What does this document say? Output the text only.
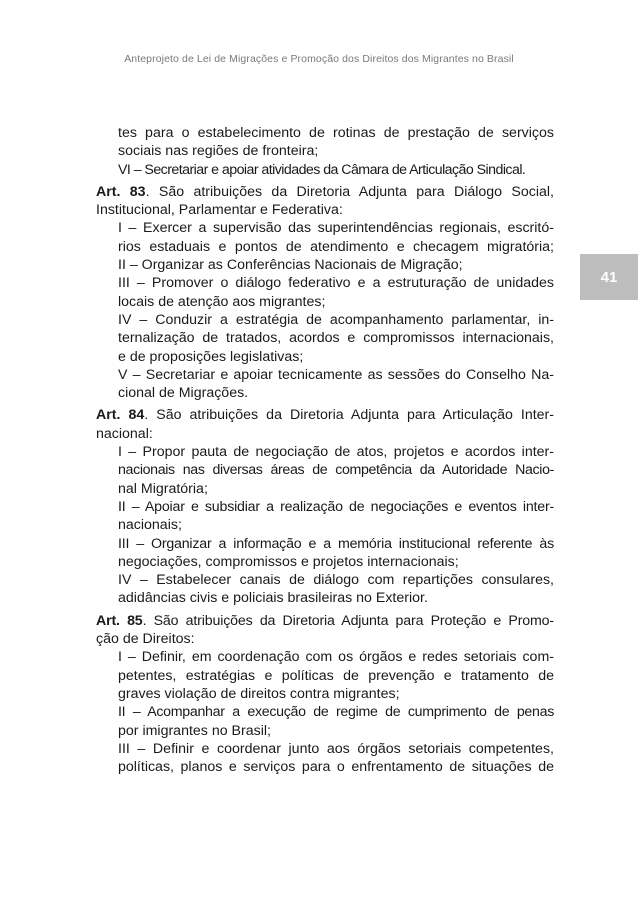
Anteprojeto de Lei de Migrações e Promoção dos Direitos dos Migrantes no Brasil
41
tes para o estabelecimento de rotinas de prestação de serviços
sociais nas regiões de fronteira;
VI – Secretariar e apoiar atividades da Câmara de Articulação Sindical.
Art. 83. São atribuições da Diretoria Adjunta para Diálogo Social,
Institucional, Parlamentar e Federativa:
I – Exercer a supervisão das superintendências regionais, escritó-
rios estaduais e pontos de atendimento e checagem migratória;
II – Organizar as Conferências Nacionais de Migração;
III – Promover o diálogo federativo e a estruturação de unidades
locais de atenção aos migrantes;
IV – Conduzir a estratégia de acompanhamento parlamentar, in-
ternalização de tratados, acordos e compromissos internacionais,
e de proposições legislativas;
V – Secretariar e apoiar tecnicamente as sessões do Conselho Na-
cional de Migrações.
Art. 84. São atribuições da Diretoria Adjunta para Articulação Inter-
nacional:
I – Propor pauta de negociação de atos, projetos e acordos inter-
nacionais nas diversas áreas de competência da Autoridade Nacio-
nal Migratória;
II – Apoiar e subsidiar a realização de negociações e eventos inter-
nacionais;
III – Organizar a informação e a memória institucional referente às
negociações, compromissos e projetos internacionais;
IV – Estabelecer canais de diálogo com repartições consulares,
adidâncias civis e policiais brasileiras no Exterior.
Art. 85. São atribuições da Diretoria Adjunta para Proteção e Promo-
ção de Direitos:
I – Definir, em coordenação com os órgãos e redes setoriais com-
petentes, estratégias e políticas de prevenção e tratamento de
graves violação de direitos contra migrantes;
II – Acompanhar a execução de regime de cumprimento de penas
por imigrantes no Brasil;
III – Definir e coordenar junto aos órgãos setoriais competentes,
políticas, planos e serviços para o enfrentamento de situações de
